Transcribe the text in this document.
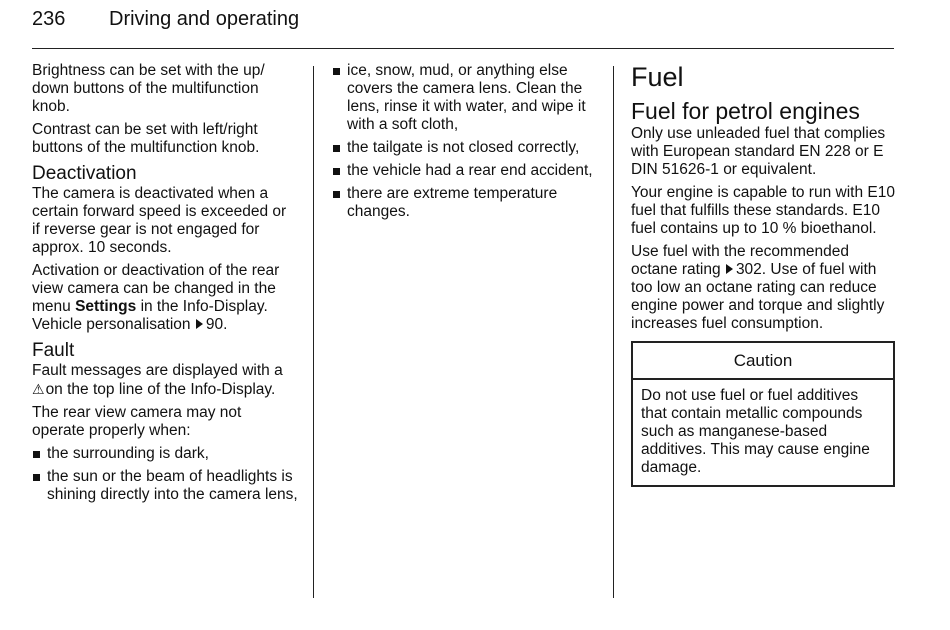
236 Driving and operating

Brightness can be set with the up/ down buttons of the multifunction knob.

Contrast can be set with left/right buttons of the multifunction knob.

Deactivation

The camera is deactivated when a certain forward speed is exceeded or if reverse gear is not engaged for approx. 10 seconds.

Activation or deactivation of the rear view camera can be changed in the menu Settings in the Info-Display. Vehicle personalisation 90.

Fault

Fault messages are displayed with a
⚠on the top line of the Info-Display.

The rear view camera may not operate properly when:

the surrounding is dark,
the sun or the beam of headlights is shining directly into the camera lens,
ice, snow, mud, or anything else covers the camera lens. Clean the lens, rinse it with water, and wipe it with a soft cloth,
the tailgate is not closed correctly,
the vehicle had a rear end accident,
there are extreme temperature changes.
Fuel
Fuel for petrol engines

Only use unleaded fuel that complies with European standard EN 228 or E DIN 51626-1 or equivalent.

Your engine is capable to run with E10 fuel that fulfills these standards. E10 fuel contains up to 10 % bioethanol.

Use fuel with the recommended octane rating 302. Use of fuel with too low an octane rating can reduce engine power and torque and slightly increases fuel consumption.

Caution

Do not use fuel or fuel additives that contain metallic compounds such as manganese-based additives. This may cause engine damage.
